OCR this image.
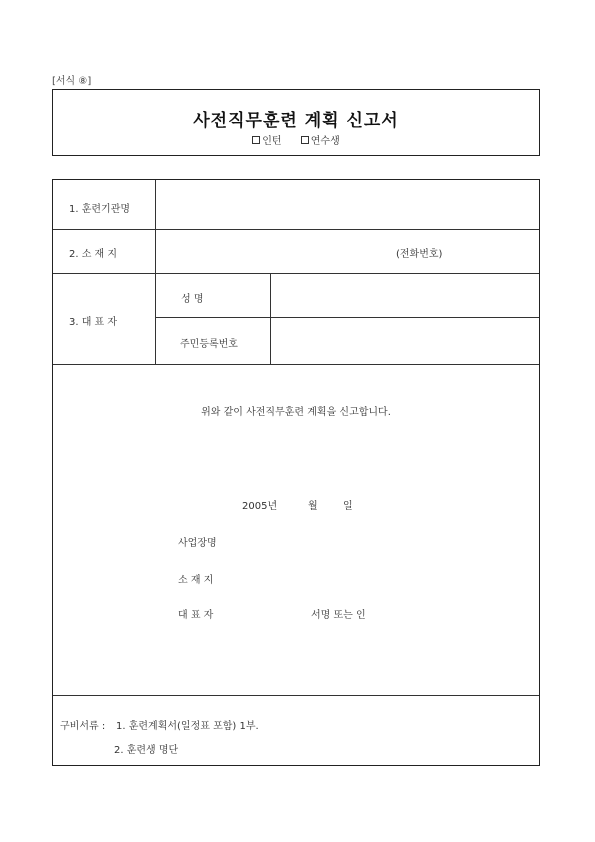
[서식 ⑧]
사전직무훈련 계획 신고서
인턴	연수생
1. 훈련기관명
2. 소 재 지	(전화번호)
3. 대 표 자
성 명
주민등록번호
위와 같이 사전직무훈련 계획을 신고합니다.
2005년	월	일
사업장명
소 재 지
대 표 자	서명 또는 인
구비서류 : 1. 훈련계획서(일정표 포함) 1부.
2. 훈련생 명단
